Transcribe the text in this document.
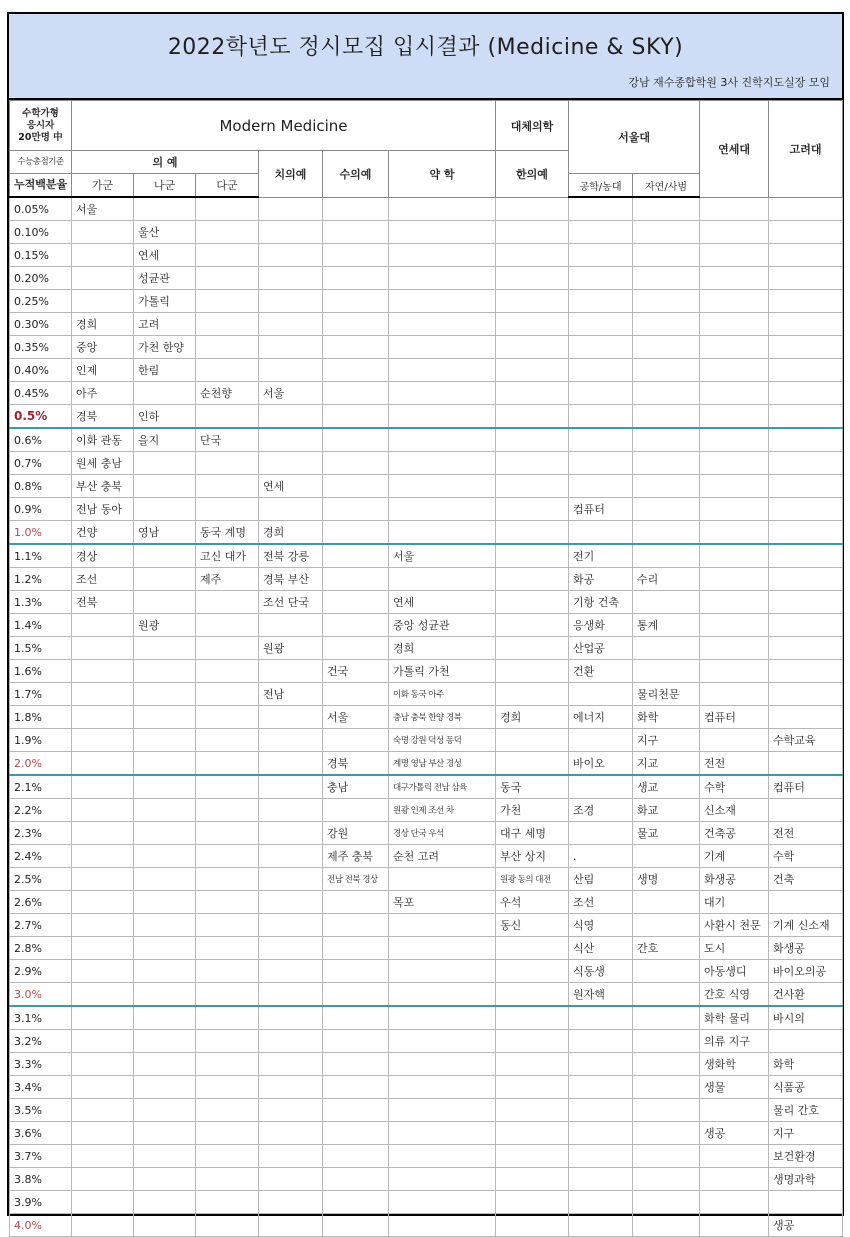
2022학년도 정시모집 입시결과 (Medicine & SKY)
강남 재수종합학원 3사 진학지도실장 모임
수학가형
응시자
20만명 中	Modern Medicine						대체의학	서울대		연세대	고려대
수능총점기준	의 예			치의예	수의예	약 학	한의예				
누적백분율	가군	나군	다군					공학/농대	자연/사범		
0.05%	서울										
0.10%		울산									
0.15%		연세									
0.20%		성균관									
0.25%		가톨릭									
0.30%	경희	고려									
0.35%	중앙	가천 한양									
0.40%	인제	한림									
0.45%	아주		순천향	서울							
0.5%	경북	인하									
0.6%	이화 관동	을지	단국								
0.7%	원세 충남										
0.8%	부산 충북			연세							
0.9%	전남 동아							컴퓨터			
1.0%	건양	영남	동국 계명	경희							
1.1%	경상		고신 대가	전북 강릉		서울		전기			
1.2%	조선		제주	경북 부산				화공	수리		
1.3%	전북			조선 단국		연세		기항 건축			
1.4%		원광				중앙 성균관		응생화	통계		
1.5%				원광		경희		산업공			
1.6%					건국	가톨릭 가천		건환			
1.7%				전남		이화 동국 아주			물리천문		
1.8%					서울	충남 충북 한양 경북	경희	에너지	화학	컴퓨터	
1.9%						숙명 강원 덕성 동덕			지구		수학교육
2.0%					경북	계명 영남 부산 경성		바이오	지교	전전	
2.1%					충남	대구가톨릭 전남 삼육	동국		생교	수학	컴퓨터
2.2%						원광 인제 조선 차	가천	조경	화교	신소재	
2.3%					강원	경상 단국 우석	대구 세명		물교	건축공	전전
2.4%					제주 충북	순천 고려	부산 상지	.		기계	수학
2.5%					전남 전북 경상		원광 동의 대전	산림	생명	화생공	건축
2.6%						목포	우석	조선		대기	
2.7%							동신	식영		사환시 천문	기계 신소재
2.8%								식산	간호	도시	화생공
2.9%								식동생		아동생디	바이오의공
3.0%								원자핵		간호 식영	건사환
3.1%										화학 물리	바시의
3.2%										의류 지구	
3.3%										생화학	화학
3.4%										생물	식품공
3.5%											물리 간호
3.6%										생공	지구
3.7%											보건환경
3.8%											생명과학
3.9%											
4.0%											생공
